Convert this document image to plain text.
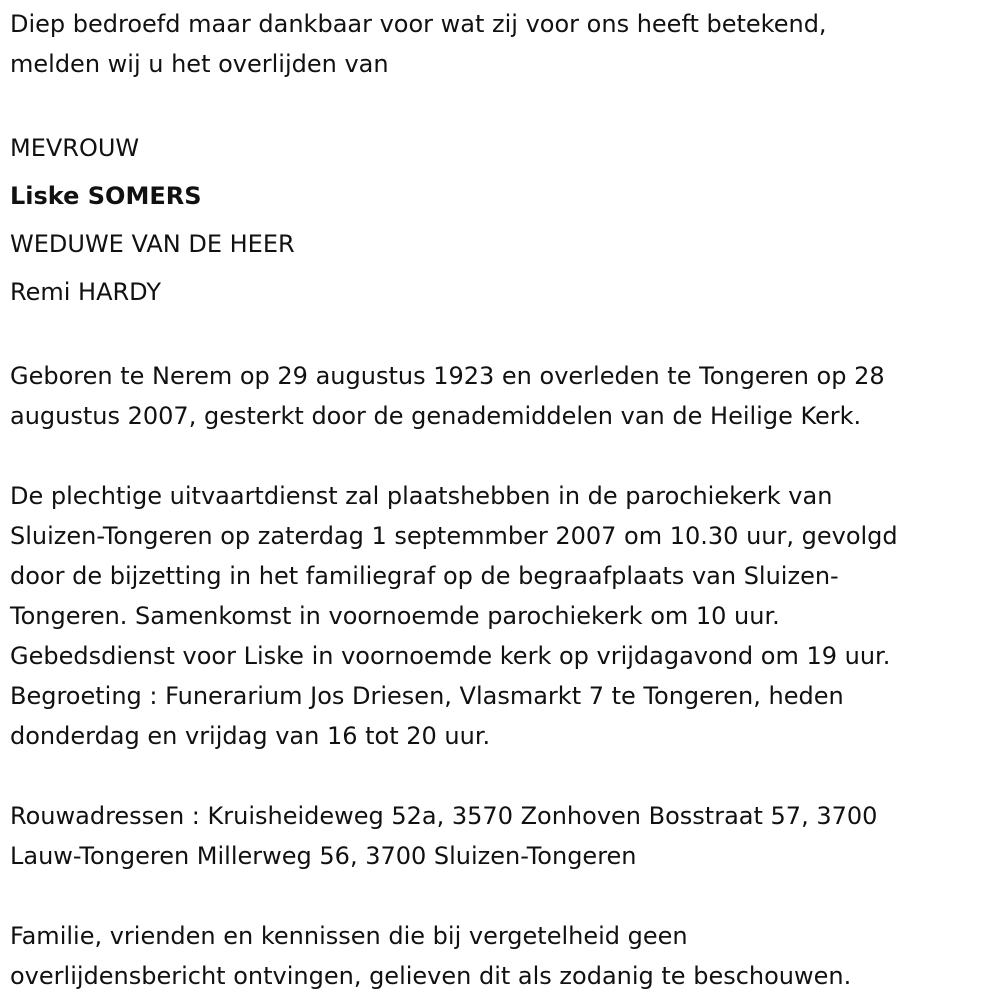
Diep bedroefd maar dankbaar voor wat zij voor ons heeft betekend,

melden wij u het overlijden van

MEVROUW

Liske SOMERS

WEDUWE VAN DE HEER

Remi HARDY

Geboren te Nerem op 29 augustus 1923 en overleden te Tongeren op 28

augustus 2007, gesterkt door de genademiddelen van de Heilige Kerk.

De plechtige uitvaartdienst zal plaatshebben in de parochiekerk van

Sluizen-Tongeren op zaterdag 1 septemmber 2007 om 10.30 uur, gevolgd

door de bijzetting in het familiegraf op de begraafplaats van Sluizen-

Tongeren. Samenkomst in voornoemde parochiekerk om 10 uur.

Gebedsdienst voor Liske in voornoemde kerk op vrijdagavond om 19 uur.

Begroeting : Funerarium Jos Driesen, Vlasmarkt 7 te Tongeren, heden

donderdag en vrijdag van 16 tot 20 uur.

Rouwadressen : Kruisheideweg 52a, 3570 Zonhoven Bosstraat 57, 3700

Lauw-Tongeren Millerweg 56, 3700 Sluizen-Tongeren

Familie, vrienden en kennissen die bij vergetelheid geen

overlijdensbericht ontvingen, gelieven dit als zodanig te beschouwen.
